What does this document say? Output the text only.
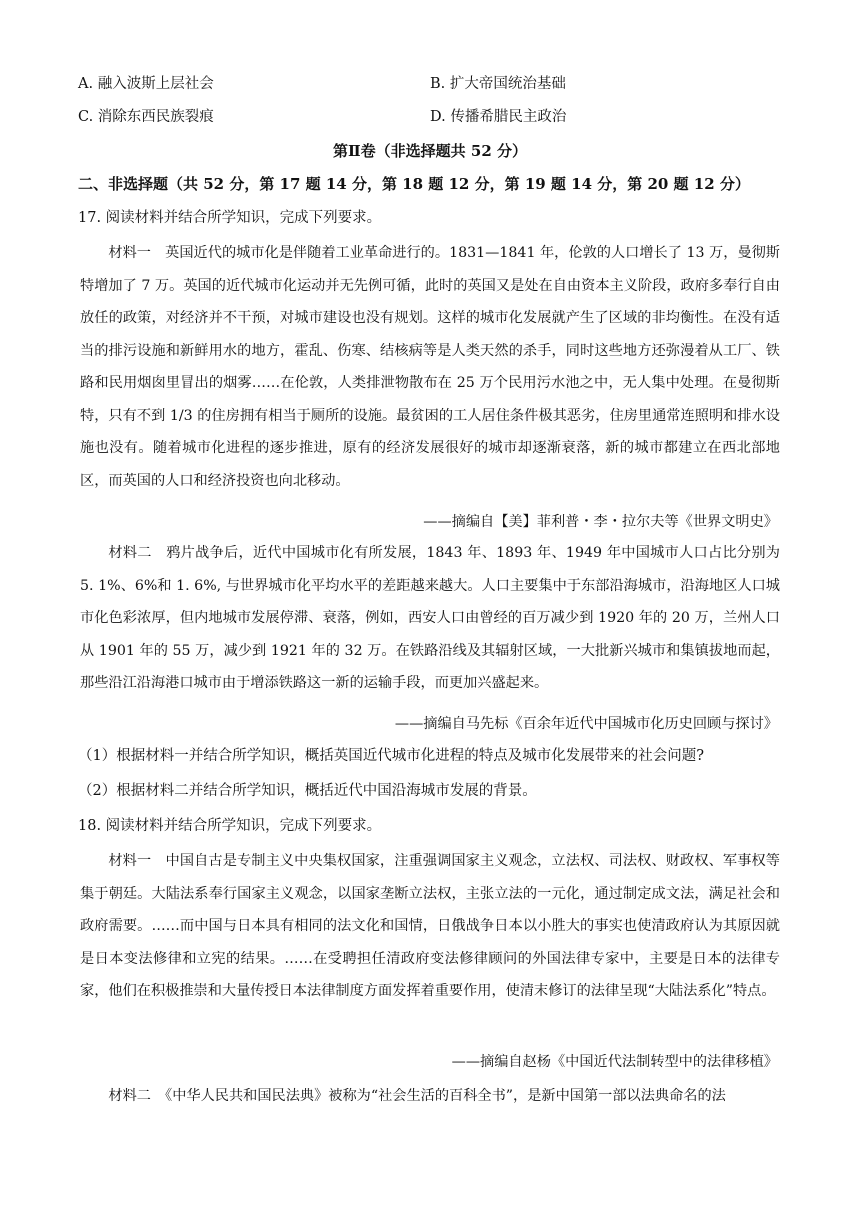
A. 融入波斯上层社会	B. 扩大帝国统治基础
C. 消除东西民族裂痕	D. 传播希腊民主政治
第Ⅱ卷（非选择题共 52 分）
二、非选择题（共 52 分，第 17 题 14 分，第 18 题 12 分，第 19 题 14 分，第 20 题 12 分）
17. 阅读材料并结合所学知识，完成下列要求。
材料一　英国近代的城市化是伴随着工业革命进行的。1831—1841 年，伦敦的人口增长了 13 万，曼彻斯特增加了 7 万。英国的近代城市化运动并无先例可循，此时的英国又是处在自由资本主义阶段，政府多奉行自由放任的政策，对经济并不干预，对城市建设也没有规划。这样的城市化发展就产生了区域的非均衡性。在没有适当的排污设施和新鲜用水的地方，霍乱、伤寒、结核病等是人类天然的杀手，同时这些地方还弥漫着从工厂、铁路和民用烟囱里冒出的烟雾……在伦敦，人类排泄物散布在 25 万个民用污水池之中，无人集中处理。在曼彻斯特，只有不到 1/3 的住房拥有相当于厕所的设施。最贫困的工人居住条件极其恶劣，住房里通常连照明和排水设施也没有。随着城市化进程的逐步推进，原有的经济发展很好的城市却逐渐衰落，新的城市都建立在西北部地区，而英国的人口和经济投资也向北移动。
——摘编自【美】菲利普・李・拉尔夫等《世界文明史》
材料二　鸦片战争后，近代中国城市化有所发展，1843 年、1893 年、1949 年中国城市人口占比分别为 5. 1%、6%和 1. 6%, 与世界城市化平均水平的差距越来越大。人口主要集中于东部沿海城市，沿海地区人口城市化色彩浓厚，但内地城市发展停滞、衰落，例如，西安人口由曾经的百万减少到 1920 年的 20 万，兰州人口从 1901 年的 55 万，减少到 1921 年的 32 万。在铁路沿线及其辐射区域，一大批新兴城市和集镇拔地而起，那些沿江沿海港口城市由于增添铁路这一新的运输手段，而更加兴盛起来。
——摘编自马先标《百余年近代中国城市化历史回顾与探讨》
（1）根据材料一并结合所学知识，概括英国近代城市化进程的特点及城市化发展带来的社会问题?
（2）根据材料二并结合所学知识，概括近代中国沿海城市发展的背景。
18. 阅读材料并结合所学知识，完成下列要求。
材料一　中国自古是专制主义中央集权国家，注重强调国家主义观念，立法权、司法权、财政权、军事权等集于朝廷。大陆法系奉行国家主义观念，以国家垄断立法权，主张立法的一元化，通过制定成文法，满足社会和政府需要。……而中国与日本具有相同的法文化和国情，日俄战争日本以小胜大的事实也使清政府认为其原因就是日本变法修律和立宪的结果。……在受聘担任清政府变法修律顾问的外国法律专家中，主要是日本的法律专家，他们在积极推崇和大量传授日本法律制度方面发挥着重要作用，使清末修订的法律呈现“大陆法系化”特点。
——摘编自赵杨《中国近代法制转型中的法律移植》
材料二　《中华人民共和国民法典》被称为“社会生活的百科全书”，是新中国第一部以法典命名的法
